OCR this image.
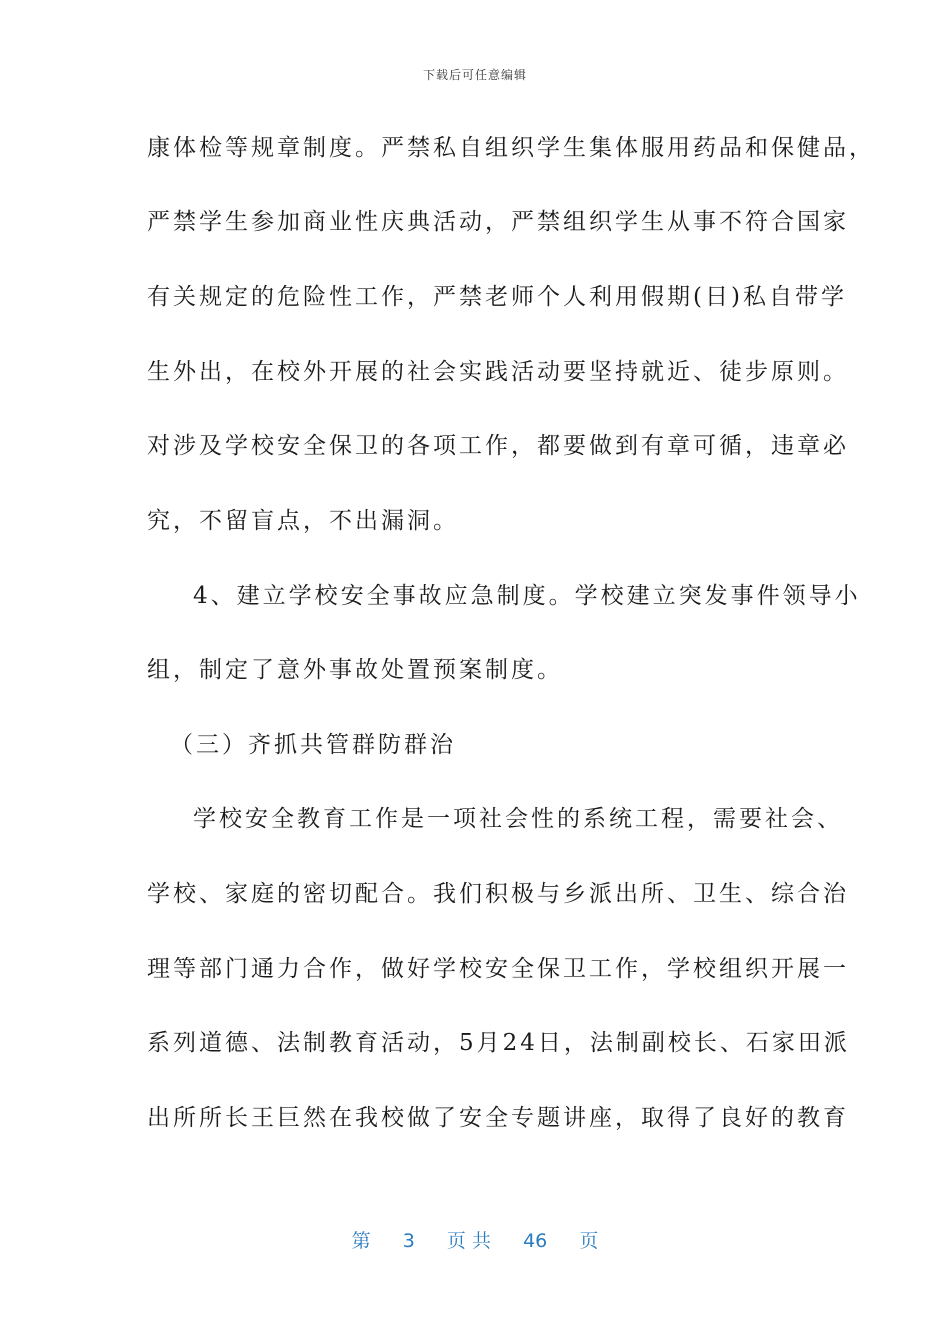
下载后可任意编辑
康体检等规章制度。严禁私自组织学生集体服用药品和保健品，
严禁学生参加商业性庆典活动，严禁组织学生从事不符合国家
有关规定的危险性工作，严禁老师个人利用假期(日)私自带学
生外出，在校外开展的社会实践活动要坚持就近、徒步原则。
对涉及学校安全保卫的各项工作，都要做到有章可循，违章必
究，不留盲点，不出漏洞。
4、建立学校安全事故应急制度。学校建立突发事件领导小
组，制定了意外事故处置预案制度。
（三）齐抓共管群防群治
学校安全教育工作是一项社会性的系统工程，需要社会、
学校、家庭的密切配合。我们积极与乡派出所、卫生、综合治
理等部门通力合作，做好学校安全保卫工作，学校组织开展一
系列道德、法制教育活动，5月24日，法制副校长、石家田派
出所所长王巨然在我校做了安全专题讲座，取得了良好的教育
第 3 页 共 46 页
